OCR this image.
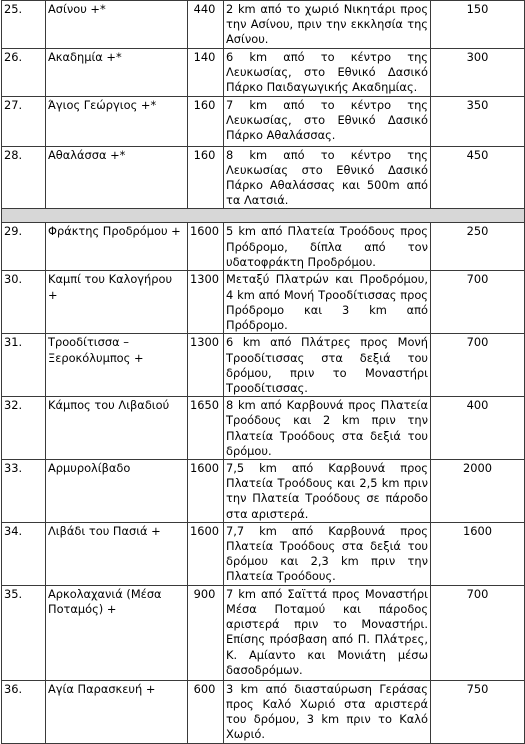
25.	Ασίνου +*	440	2 km από το χωριό Νικητάρι προς την Ασίνου, πριν την εκκλησία της Ασίνου.	150
26.	Ακαδημία +*	140	6 km από το κέντρο της Λευκωσίας, στο Εθνικό Δασικό Πάρκο Παιδαγωγικής Ακαδημίας.	300
27.	Άγιος Γεώργιος +*	160	7 km από το κέντρο της Λευκωσίας, στο Εθνικό Δασικό Πάρκο Αθαλάσσας.	350
28.	Αθαλάσσα +*	160	8 km από το κέντρο της Λευκωσίας στο Εθνικό Δασικό Πάρκο Αθαλάσσας και 500m από τα Λατσιά.	450

29.	Φράκτης Προδρόμου +	1600	5 km από Πλατεία Τροόδους προς Πρόδρομο, δίπλα από τον υδατοφράκτη Προδρόμου.	250
30.	Καμπί του Καλογήρου +	1300	Μεταξύ Πλατρών και Προδρόμου, 4 km από Μονή Τροοδίτισσας προς Πρόδρομο και 3 km από Πρόδρομο.	700
31.	Τροοδίτισσα – Ξεροκόλυμπος +	1300	6 km από Πλάτρες προς Μονή Τροοδίτισσας στα δεξιά του δρόμου, πριν το Μοναστήρι Τροοδίτισσας.	700
32.	Κάμπος του Λιβαδιού	1650	8 km από Καρβουνά προς Πλατεία Τροόδους και 2 km πριν την Πλατεία Τροόδους στα δεξιά του δρόμου.	400
33.	Αρμυρολίβαδο	1600	7,5 km από Καρβουνά προς Πλατεία Τροόδους και 2,5 km πριν την Πλατεία Τροόδους σε πάροδο στα αριστερά.	2000
34.	Λιβάδι του Πασιά +	1600	7,7 km από Καρβουνά προς Πλατεία Τροόδους στα δεξιά του δρόμου και 2,3 km πριν την Πλατεία Τροόδους.	1600
35.	Αρκολαχανιά (Μέσα Ποταμός) +	900	7 km από Σαϊττά προς Μοναστήρι Μέσα Ποταμού και πάροδος αριστερά πριν το Μοναστήρι. Επίσης πρόσβαση από Π. Πλάτρες, Κ. Αμίαντο και Μονιάτη μέσω δασοδρόμων.	700
36.	Αγία Παρασκευή +	600	3 km από διασταύρωση Γεράσας προς Καλό Χωριό στα αριστερά του δρόμου, 3 km πριν το Καλό Χωριό.	750
